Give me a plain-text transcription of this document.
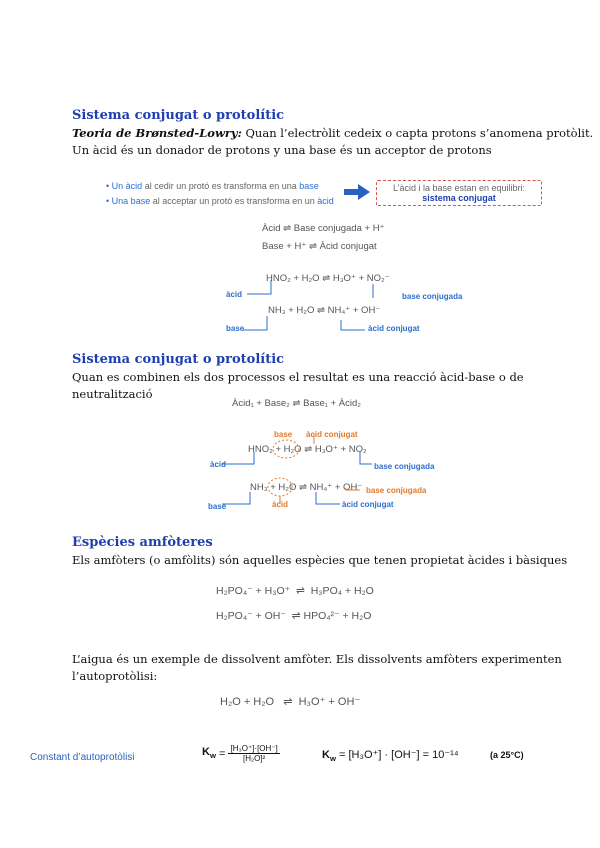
Sistema conjugat o protolític
Teoria de Brønsted-Lowry: Quan l’electròlit cedeix o capta protons s’anomena protòlit.
Un àcid és un donador de protons y una base és un acceptor de protons
• Un àcid al cedir un protó es transforma en una base
• Una base al acceptar un protó es transforma en un àcid
L’àcid i la base estan en equilibri:
sistema conjugat
Àcid ⇌ Base conjugada + H⁺
Base + H⁺ ⇌ Àcid conjugat
HNO₂ + H₂O ⇌ H₃O⁺ + NO₂⁻
NH₃ + H₂O ⇌ NH₄⁺ + OH⁻
àcid
base
base conjugada
àcid conjugat
Sistema conjugat o protolític
Quan es combinen els dos processos el resultat es una reacció àcid-base o de
neutralització
Àcid₁ + Base₂ ⇌ Base₁ + Àcid₂
base àcid conjugat
HNO₂ + H₂O ⇌ H₃O⁺ + NO₂
NH₃ + H₂O ⇌ NH₄⁺ + OH⁻
àcid
base
base conjugada
base conjugada
àcid	àcid conjugat
Espècies amfòteres
Els amfòters (o amfòlits) són aquelles espècies que tenen propietat àcides i bàsiques
H₂PO₄⁻ + H₃O⁺ ⇌ H₃PO₄ + H₂O
H₂PO₄⁻ + OH⁻ ⇌ HPO₄²⁻ + H₂O
L’aigua és un exemple de dissolvent amfòter. Els dissolvents amfòters experimenten
l’autoprotòlisi:
H₂O + H₂O ⇌ H₃O⁺ + OH⁻
Constant d’autoprotòlisi	$K_w = \frac{\text{[H₃O⁺]·[OH⁻]}}{\text{[H₂O]²}}$	$K_w = [H_3O^+] \cdot [OH^-] = 10^{-14}$	(a 25°C)
